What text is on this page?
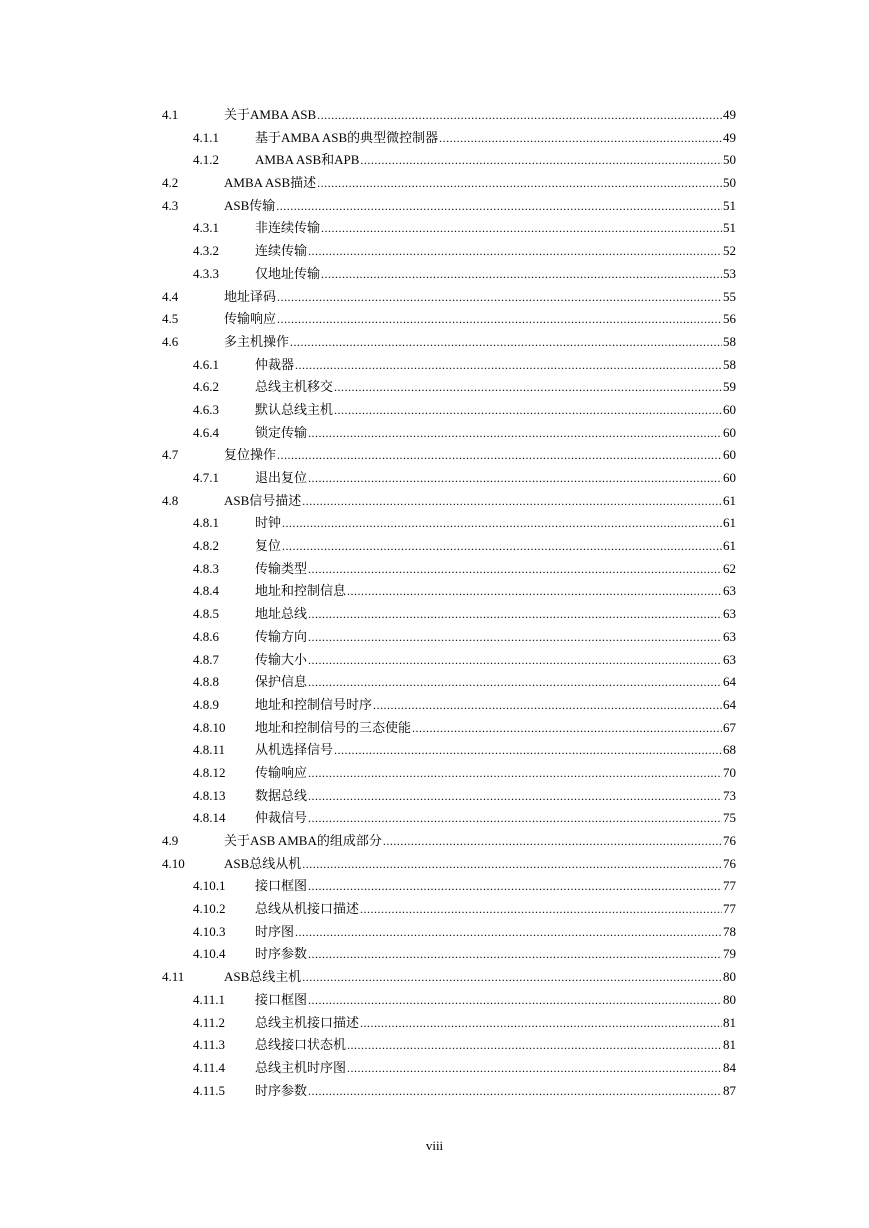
4.1	关于AMBA ASB .....	49
4.1.1	基于AMBA ASB的典型微控制器 .....	49
4.1.2	AMBA ASB和APB .....	50
4.2	AMBA ASB描述 .....	50
4.3	ASB传输 .....	51
4.3.1	非连续传输 .....	51
4.3.2	连续传输 .....	52
4.3.3	仅地址传输 .....	53
4.4	地址译码 .....	55
4.5	传输响应 .....	56
4.6	多主机操作 .....	58
4.6.1	仲裁器 .....	58
4.6.2	总线主机移交 .....	59
4.6.3	默认总线主机 .....	60
4.6.4	锁定传输 .....	60
4.7	复位操作 .....	60
4.7.1	退出复位 .....	60
4.8	ASB信号描述 .....	61
4.8.1	时钟 .....	61
4.8.2	复位 .....	61
4.8.3	传输类型 .....	62
4.8.4	地址和控制信息 .....	63
4.8.5	地址总线 .....	63
4.8.6	传输方向 .....	63
4.8.7	传输大小 .....	63
4.8.8	保护信息 .....	64
4.8.9	地址和控制信号时序 .....	64
4.8.10 地址和控制信号的三态使能 .....	67
4.8.11 从机选择信号 .....	68
4.8.12 传输响应 .....	70
4.8.13 数据总线 .....	73
4.8.14 仲裁信号 .....	75
4.9	关于ASB AMBA的组成部分 .....	76
4.10	ASB总线从机 .....	76
4.10.1 接口框图 .....	77
4.10.2 总线从机接口描述 .....	77
4.10.3 时序图 .....	78
4.10.4 时序参数 .....	79
4.11	ASB总线主机 .....	80
4.11.1 接口框图 .....	80
4.11.2 总线主机接口描述 .....	81
4.11.3 总线接口状态机 .....	81
4.11.4 总线主机时序图 .....	84
4.11.5 时序参数 .....	87
viii
